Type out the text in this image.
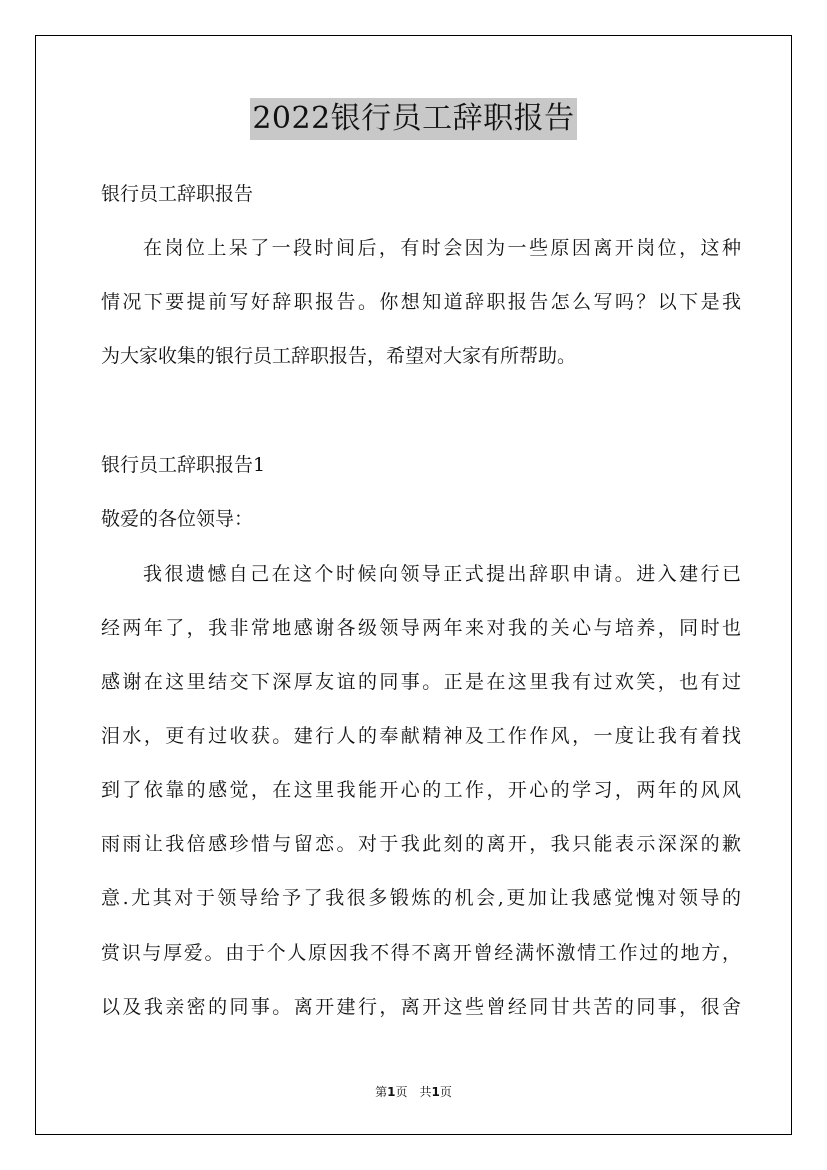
2022银行员工辞职报告
银行员工辞职报告
在岗位上呆了一段时间后，有时会因为一些原因离开岗位，这种
情况下要提前写好辞职报告。你想知道辞职报告怎么写吗？以下是我
为大家收集的银行员工辞职报告，希望对大家有所帮助。
银行员工辞职报告1
敬爱的各位领导：
我很遗憾自己在这个时候向领导正式提出辞职申请。进入建行已
经两年了，我非常地感谢各级领导两年来对我的关心与培养，同时也
感谢在这里结交下深厚友谊的同事。正是在这里我有过欢笑，也有过
泪水，更有过收获。建行人的奉献精神及工作作风，一度让我有着找
到了依靠的感觉，在这里我能开心的工作，开心的学习，两年的风风
雨雨让我倍感珍惜与留恋。对于我此刻的离开，我只能表示深深的歉
意.尤其对于领导给予了我很多锻炼的机会,更加让我感觉愧对领导的
赏识与厚爱。由于个人原因我不得不离开曾经满怀激情工作过的地方，
以及我亲密的同事。离开建行，离开这些曾经同甘共苦的同事，很舍
第1页 共1页
